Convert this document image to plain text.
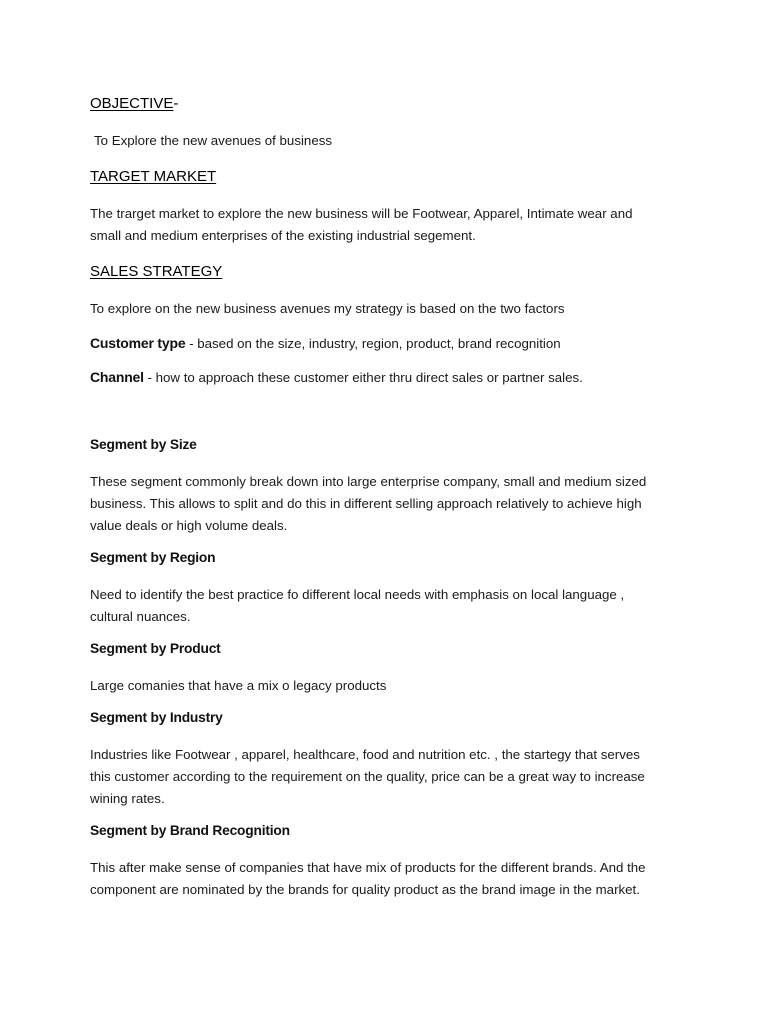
OBJECTIVE-

To Explore the new avenues of business

TARGET MARKET
The trarget market to explore the new business will be Footwear, Apparel, Intimate wear and
small and medium enterprises of the existing industrial segement.
SALES STRATEGY

To explore on the new business avenues my strategy is based on the two factors

Customer type - based on the size, industry, region, product, brand recognition
Channel - how to approach these customer either thru direct sales or partner sales.
Segment by Size
These segment commonly break down into large enterprise company, small and medium sized
business. This allows to split and do this in different selling approach relatively to achieve high
value deals or high volume deals.
Segment by Region
Need to identify the best practice fo different local needs with emphasis on local language ,
cultural nuances.
Segment by Product
Large comanies that have a mix o legacy products
Segment by Industry
Industries like Footwear , apparel, healthcare, food and nutrition etc. , the startegy that serves
this customer according to the requirement on the quality, price can be a great way to increase
wining rates.
Segment by Brand Recognition
This after make sense of companies that have mix of products for the different brands. And the
component are nominated by the brands for quality product as the brand image in the market.
